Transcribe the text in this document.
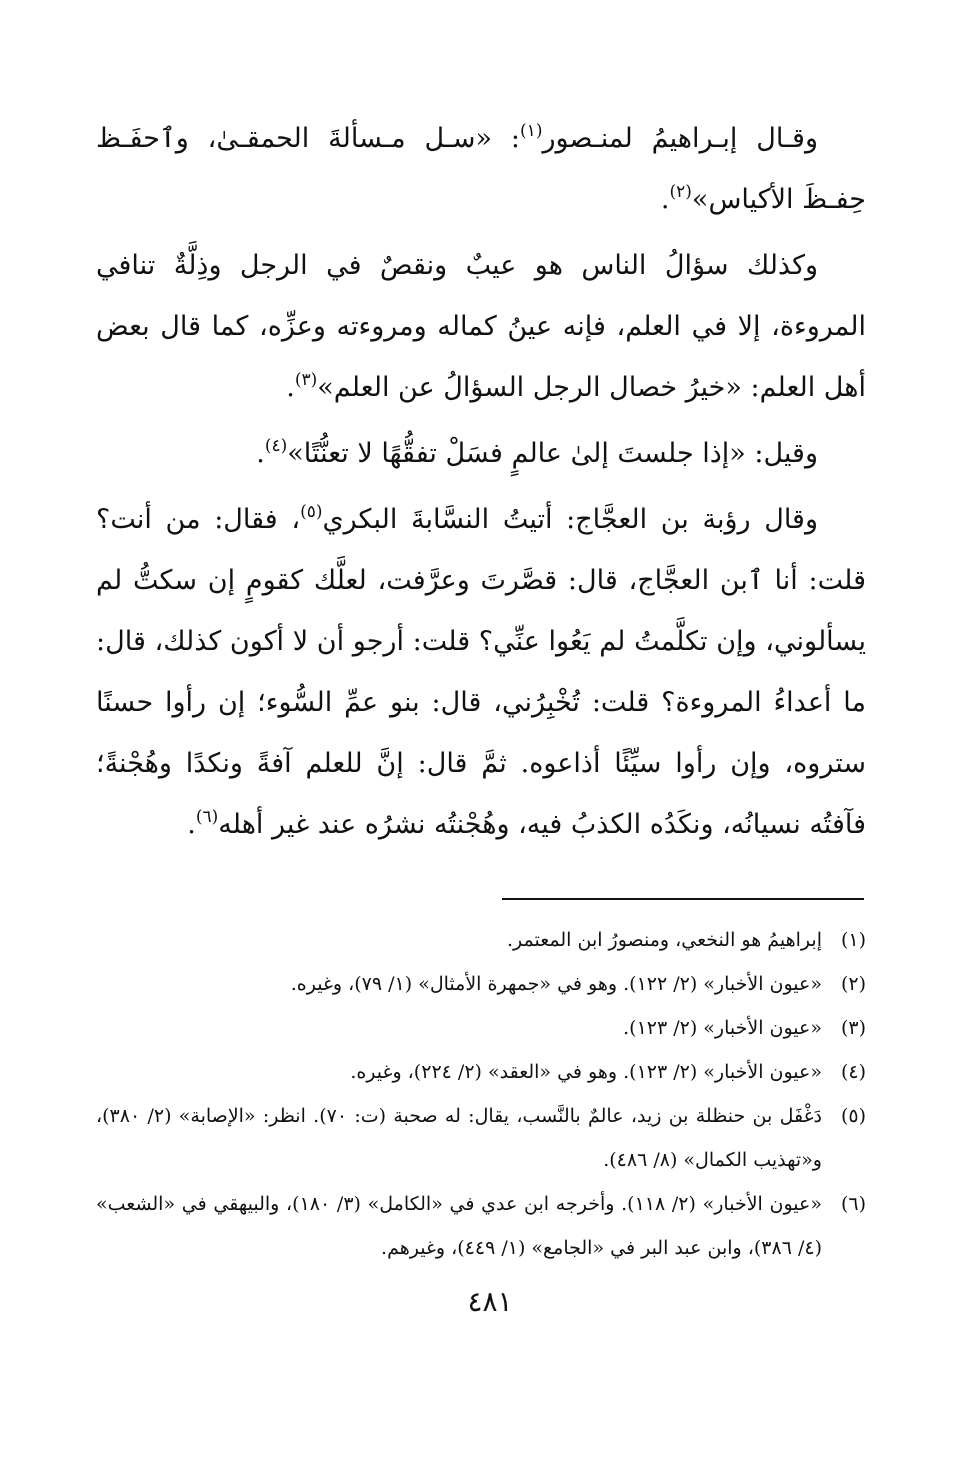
وقـال إبـراهيمُ لمنـصور$^{(١)}$: «سـل مـسألةَ الحمقـىٰ، وٱحفَـظ حِفـظَ الأكياس»$^{(٢)}$.

وكذلك سؤالُ الناس هو عيبٌ ونقصٌ في الرجل وذِلَّةٌ تنافي المروءة، إلا في العلم، فإنه عينُ كماله ومروءته وعزِّه، كما قال بعض أهل العلم: «خيرُ خصال الرجل السؤالُ عن العلم»$^{(٣)}$.

وقيل: «إذا جلستَ إلىٰ عالمٍ فسَلْ تفقُّهًا لا تعنُّتًا»$^{(٤)}$.

وقال رؤبة بن العجَّاج: أتيتُ النسَّابةَ البكري$^{(٥)}$، فقال: من أنت؟ قلت: أنا ٱبن العجَّاج، قال: قصَّرتَ وعرَّفت، لعلَّك كقومٍ إن سكتُّ لم يسألوني، وإن تكلَّمتُ لم يَعُوا عنِّي؟ قلت: أرجو أن لا أكون كذلك، قال: ما أعداءُ المروءة؟ قلت: تُخْبِرُني، قال: بنو عمِّ السُّوء؛ إن رأوا حسنًا ستروه، وإن رأوا سيِّئًا أذاعوه. ثمَّ قال: إنَّ للعلم آفةً ونكدًا وهُجْنةً؛ فآفتُه نسيانُه، ونكَدُه الكذبُ فيه، وهُجْنتُه نشرُه عند غير أهله$^{(٦)}$.

(١)
إبراهيمُ هو النخعي، ومنصورُ ابن المعتمر.
(٢)
«عيون الأخبار» (٢/ ١٢٢). وهو في «جمهرة الأمثال» (١/ ٧٩)، وغيره.
(٣)
«عيون الأخبار» (٢/ ١٢٣).
(٤)
«عيون الأخبار» (٢/ ١٢٣). وهو في «العقد» (٢/ ٢٢٤)، وغيره.
(٥)
دَغْفَل بن حنظلة بن زيد، عالمٌ بالنَّسب، يقال: له صحبة (ت: ٧٠). انظر: «الإصابة» (٢/ ٣٨٠)، و«تهذيب الكمال» (٨/ ٤٨٦).
(٦)
«عيون الأخبار» (٢/ ١١٨). وأخرجه ابن عدي في «الكامل» (٣/ ١٨٠)، والبيهقي في «الشعب» (٤/ ٣٨٦)، وابن عبد البر في «الجامع» (١/ ٤٤٩)، وغيرهم.
٤٨١
